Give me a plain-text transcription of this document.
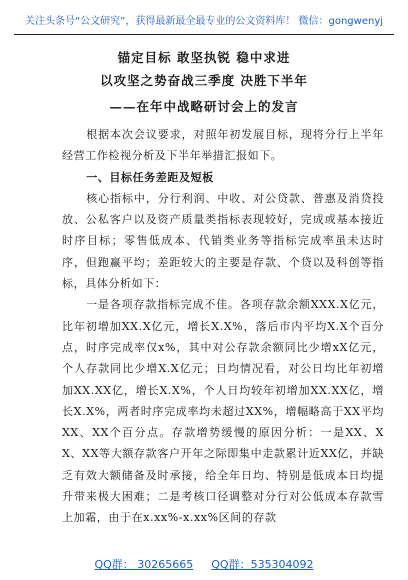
关注头条号“公文研究”，获得最新最全最专业的公文资料库！ 微信：gongwenyj
锚定目标 敢坚执锐 稳中求进
以攻坚之势奋战三季度 决胜下半年
——在年中战略研讨会上的发言

根据本次会议要求，对照年初发展目标，现将分行上半年经营工作检视分析及下半年举措汇报如下。

一、目标任务差距及短板

核心指标中，分行利润、中收、对公贷款、普惠及消贷投放、公私客户以及资产质量类指标表现较好，完成或基本接近时序目标；零售低成本、代销类业务等指标完成率虽未达时序，但跑赢平均；差距较大的主要是存款、个贷以及科创等指标，具体分析如下：

一是各项存款指标完成不佳。各项存款余额XXX.X亿元，比年初增加XX.X亿元，增长X.X%，落后市内平均X.X个百分点，时序完成率仅x%，其中对公存款余额同比少增xX亿元，个人存款同比少增X.X亿元；日均情况看，对公日均比年初增加XX.XX亿，增长X.X%，个人日均较年初增加XX.XX亿，增长X.X%，两者时序完成率均未超过XX%，增幅略高于XX平均XX、XX个百分点。存款增势缓慢的原因分析：一是XX、XX、XX等大额存款客户开年之际即集中走款累计近XX亿，并缺乏有效大额储备及时承接，给全年日均、特别是低成本日均提升带来极大困难；二是考核口径调整对分行对公低成本存款雪上加霜，由于在x.xx%-x.xx%区间的存款

QQ群： 30265665 QQ群：535304092
